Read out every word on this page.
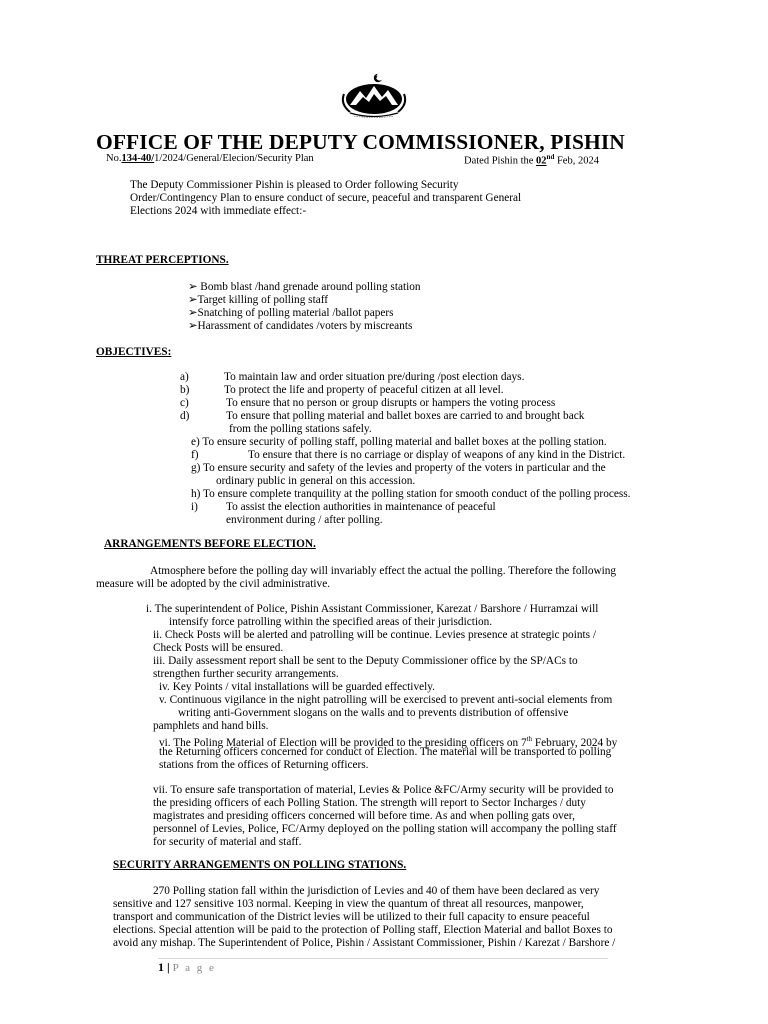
OFFICE OF THE DEPUTY COMMISSIONER, PISHIN
No.134-40/1/2024/General/Elecion/Security Plan	Dated Pishin the 02nd Feb, 2024
The Deputy Commissioner Pishin is pleased to Order following Security
Order/Contingency Plan to ensure conduct of secure, peaceful and transparent General
Elections 2024 with immediate effect:-
THREAT PERCEPTIONS.
➢ Bomb blast /hand grenade around polling station
➢Target killing of polling staff
➢Snatching of polling material /ballot papers
➢Harassment of candidates /voters by miscreants
OBJECTIVES:
a)	To maintain law and order situation pre/during /post election days.
b)	To protect the life and property of peaceful citizen at all level.
c)	To ensure that no person or group disrupts or hampers the voting process
d)	To ensure that polling material and ballet boxes are carried to and brought back
from the polling stations safely.
e) To ensure security of polling staff, polling material and ballet boxes at the polling station.
f)	To ensure that there is no carriage or display of weapons of any kind in the District.
g) To ensure security and safety of the levies and property of the voters in particular and the
ordinary public in general on this accession.
h) To ensure complete tranquility at the polling station for smooth conduct of the polling process.
i) To assist the election authorities in maintenance of peaceful
environment during / after polling.
ARRANGEMENTS BEFORE ELECTION.
Atmosphere before the polling day will invariably effect the actual the polling. Therefore the following
measure will be adopted by the civil administrative.
i. The superintendent of Police, Pishin Assistant Commissioner, Karezat / Barshore / Hurramzai will
intensify force patrolling within the specified areas of their jurisdiction.
ii. Check Posts will be alerted and patrolling will be continue. Levies presence at strategic points /
Check Posts will be ensured.
iii. Daily assessment report shall be sent to the Deputy Commissioner office by the SP/ACs to
strengthen further security arrangements.
iv. Key Points / vital installations will be guarded effectively.
v. Continuous vigilance in the night patrolling will be exercised to prevent anti-social elements from
writing anti-Government slogans on the walls and to prevents distribution of offensive
pamphlets and hand bills.
vi. The Poling Material of Election will be provided to the presiding officers on 7th February, 2024 by
the Returning officers concerned for conduct of Election. The material will be transported to polling
stations from the offices of Returning officers.
vii. To ensure safe transportation of material, Levies & Police &FC/Army security will be provided to
the presiding officers of each Polling Station. The strength will report to Sector Incharges / duty
magistrates and presiding officers concerned will before time. As and when polling gats over,
personnel of Levies, Police, FC/Army deployed on the polling station will accompany the polling staff
for security of material and staff.
SECURITY ARRANGEMENTS ON POLLING STATIONS.
270 Polling station fall within the jurisdiction of Levies and 40 of them have been declared as very
sensitive and 127 sensitive 103 normal. Keeping in view the quantum of threat all resources, manpower,
transport and communication of the District levies will be utilized to their full capacity to ensure peaceful
elections. Special attention will be paid to the protection of Polling staff, Election Material and ballot Boxes to
avoid any mishap. The Superintendent of Police, Pishin / Assistant Commissioner, Pishin / Karezat / Barshore /
1 | P a g e
